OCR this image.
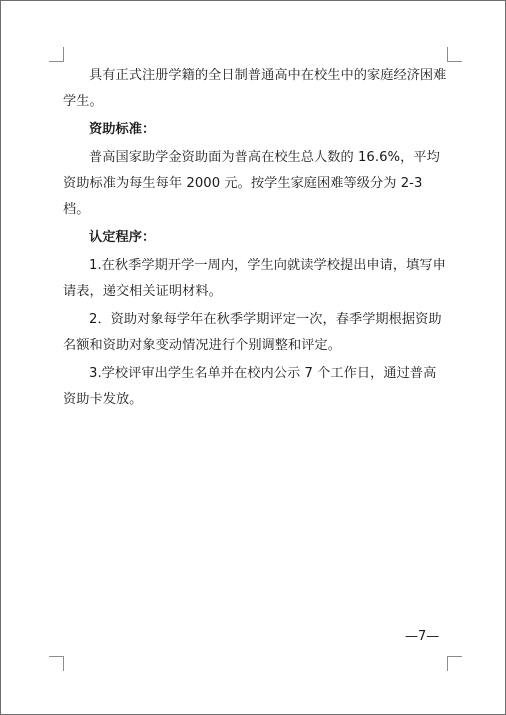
具有正式注册学籍的全日制普通高中在校生中的家庭经济困难学生。

资助标准：

普高国家助学金资助面为普高在校生总人数的 16.6%，平均资助标准为每生每年 2000 元。按学生家庭困难等级分为 2-3 档。

认定程序：

1.在秋季学期开学一周内，学生向就读学校提出申请，填写申请表，递交相关证明材料。

2．资助对象每学年在秋季学期评定一次，春季学期根据资助名额和资助对象变动情况进行个别调整和评定。

3.学校评审出学生名单并在校内公示 7 个工作日，通过普高资助卡发放。

—7—
